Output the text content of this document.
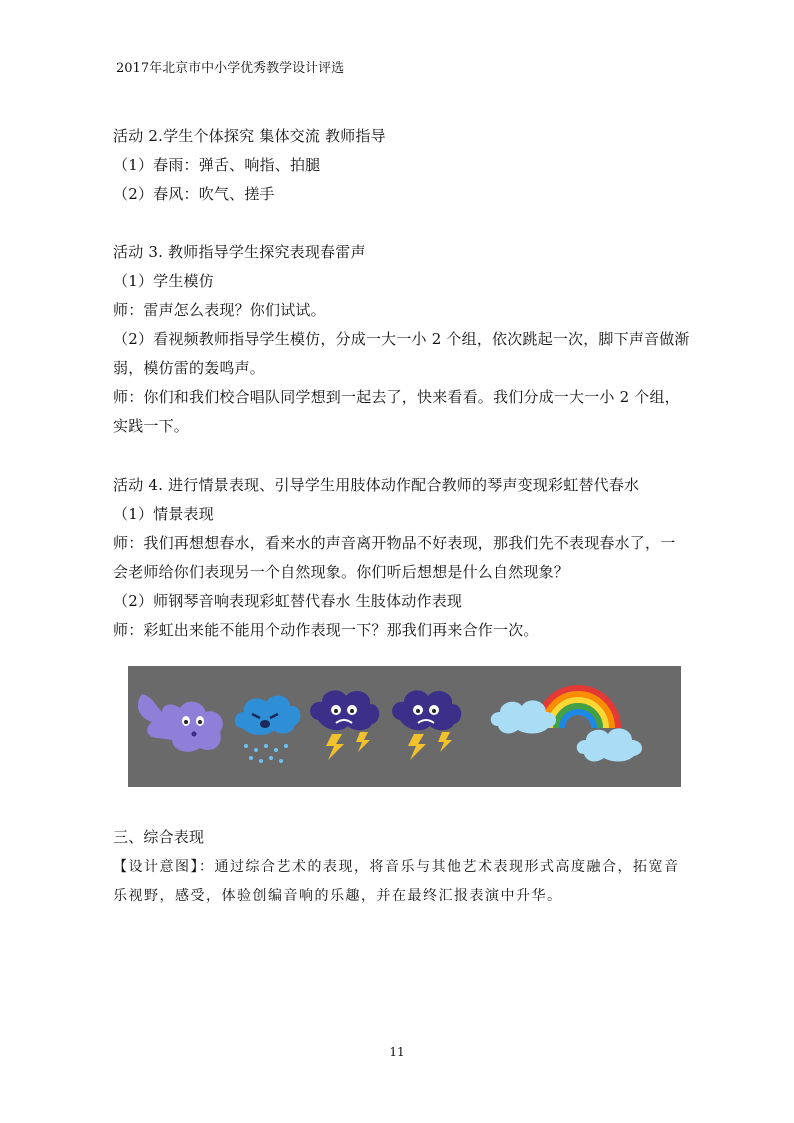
2017年北京市中小学优秀教学设计评选
活动 2.学生个体探究 集体交流 教师指导
（1）春雨：弹舌、响指、拍腿
（2）春风：吹气、搓手
活动 3. 教师指导学生探究表现春雷声
（1）学生模仿
师：雷声怎么表现？你们试试。
（2）看视频教师指导学生模仿，分成一大一小 2 个组，依次跳起一次，脚下声音做渐
弱，模仿雷的轰鸣声。
师：你们和我们校合唱队同学想到一起去了，快来看看。我们分成一大一小 2 个组，
实践一下。
活动 4. 进行情景表现、引导学生用肢体动作配合教师的琴声变现彩虹替代春水
（1）情景表现
师：我们再想想春水，看来水的声音离开物品不好表现，那我们先不表现春水了，一
会老师给你们表现另一个自然现象。你们听后想想是什么自然现象？
（2）师钢琴音响表现彩虹替代春水 生肢体动作表现
师：彩虹出来能不能用个动作表现一下？那我们再来合作一次。
三、综合表现
【设计意图】：通过综合艺术的表现，将音乐与其他艺术表现形式高度融合，拓宽音
乐视野，感受，体验创编音响的乐趣，并在最终汇报表演中升华。
11
